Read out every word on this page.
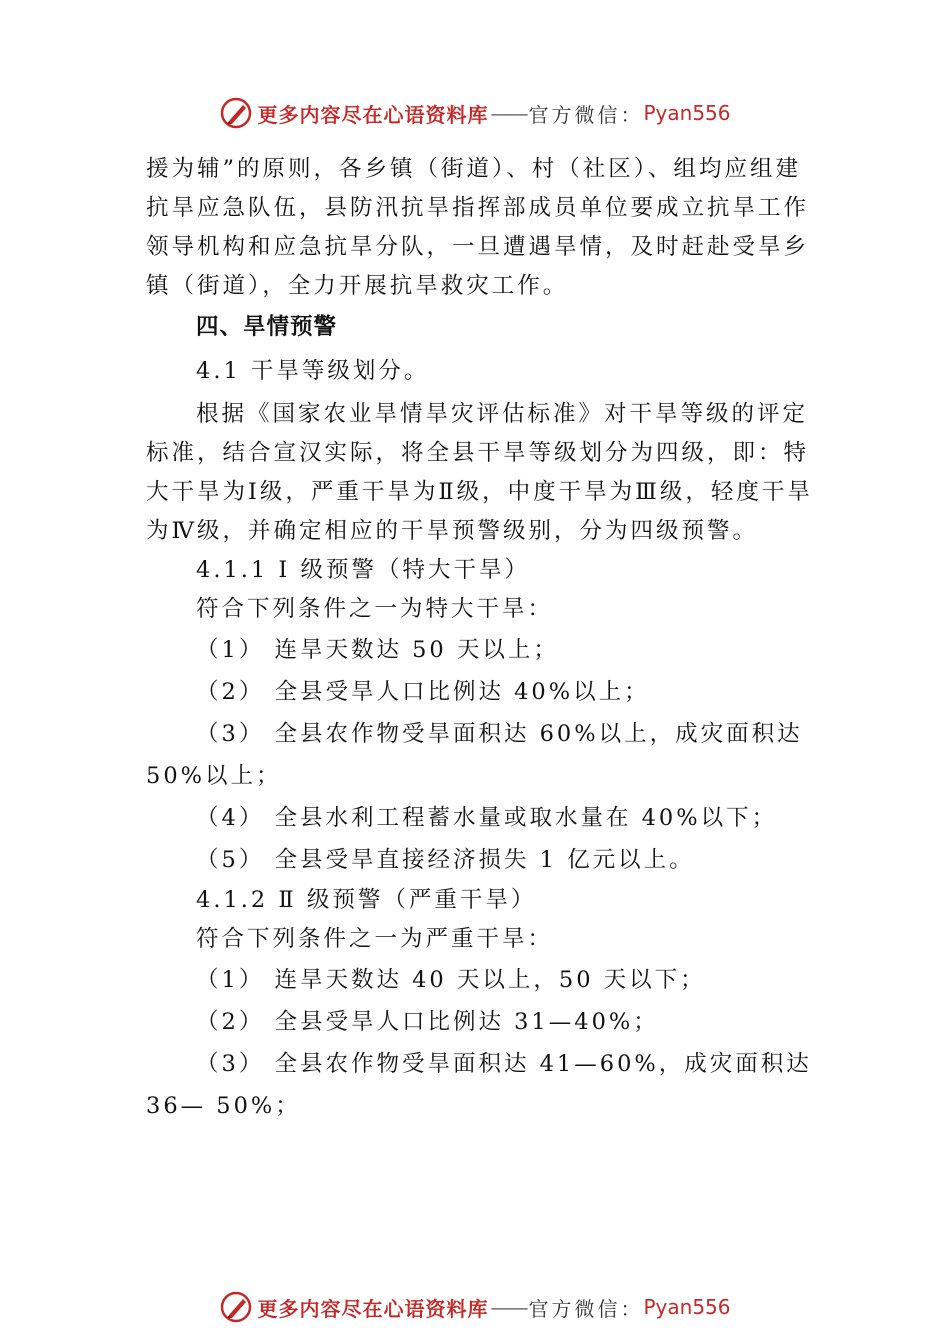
更多内容尽在心语资料库 —— 官方微信： Pyan556

援为辅”的原则，各乡镇（街道）、村（社区）、组均应组建抗旱应急队伍，县防汛抗旱指挥部成员单位要成立抗旱工作领导机构和应急抗旱分队，一旦遭遇旱情，及时赶赴受旱乡镇（街道），全力开展抗旱救灾工作。

四、旱情预警

4.1 干旱等级划分。

根据《国家农业旱情旱灾评估标准》对干旱等级的评定标准，结合宣汉实际，将全县干旱等级划分为四级，即：特大干旱为Ⅰ级，严重干旱为Ⅱ级，中度干旱为Ⅲ级，轻度干旱为Ⅳ级，并确定相应的干旱预警级别，分为四级预警。

4.1.1 Ⅰ 级预警（特大干旱）

符合下列条件之一为特大干旱：

（1） 连旱天数达 50 天以上；

（2） 全县受旱人口比例达 40%以上；

（3） 全县农作物受旱面积达 60%以上，成灾面积达 50%以上；

（4） 全县水利工程蓄水量或取水量在 40%以下；

（5） 全县受旱直接经济损失 1 亿元以上。

4.1.2 Ⅱ 级预警（严重干旱）

符合下列条件之一为严重干旱：

（1） 连旱天数达 40 天以上，50 天以下；

（2） 全县受旱人口比例达 31—40%；

（3） 全县农作物受旱面积达 41—60%，成灾面积达 36— 50%；

更多内容尽在心语资料库 —— 官方微信： Pyan556
